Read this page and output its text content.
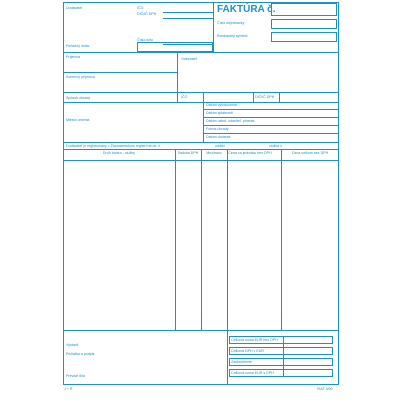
Dodávateľ	IČO
DIČ/IČ DPH
Číslo účtu
Peňažný ústav
FAKTÚRA č.
Číslo objednávky
Konštantný symbol
Príjemca	Odberateľ
Konečný príjemca
Spôsob úhrady	IČO	DIČ/IČ DPH
Miesto určenia
Dátum vyhotovenia
Dátum splatnosti
Dátum uskut. zdaniteľ. plnenia
Forma úhrady
Dátum dodania
Dodávateľ je registrovaný v Živnostenskom registri na ok. č.	oddiel	vložka č.
Druh tovaru - služby	Sadzba DPH	Množstvo	Cena za jednotku bez DPH	Cena celkom bez DPH
Vystavil
Pečiatka a podpis
Prevzal dňa
Celková suma EUR bez DPH
Celková DPH v EUR
Zaokrúhlenie
Celková suma EUR s DPH
J + R	ISAT 9/00
